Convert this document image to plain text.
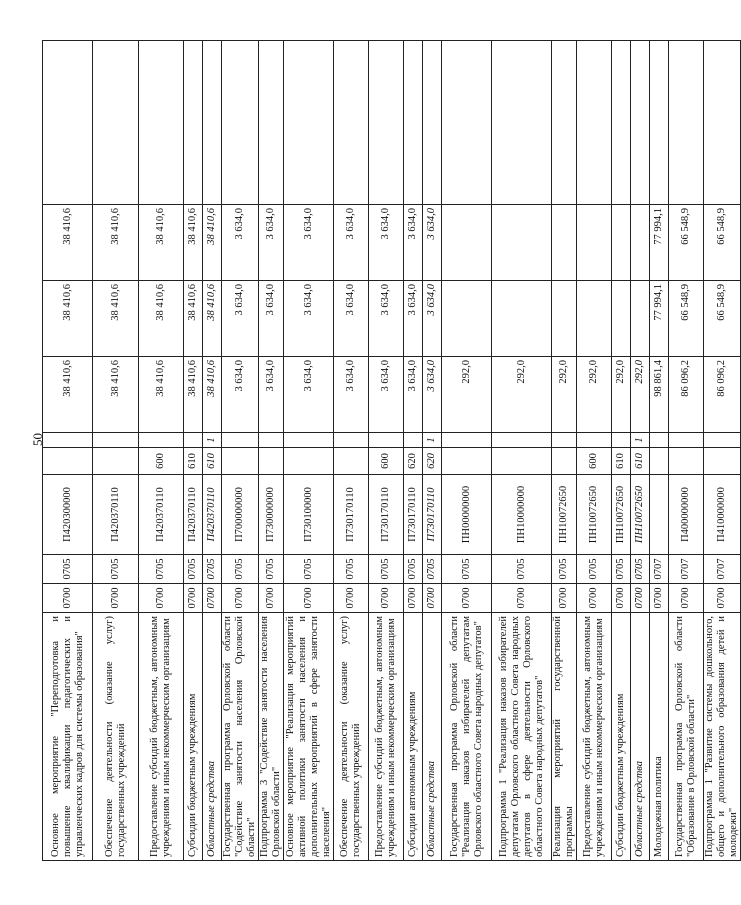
50
Основное мероприятие "Переподготовка и повышение квалификации педагогических и управленческих кадров для системы образования"	0700	0705	П420300000			38 410,6	38 410,6	38 410,6	
Обеспечение деятельности (оказание услуг) государственных учреждений	0700	0705	П420370110			38 410,6	38 410,6	38 410,6	
Предоставление субсидий бюджетным, автономным учреждениям и иным некоммерческим организациям	0700	0705	П420370110	600		38 410,6	38 410,6	38 410,6	
Субсидии бюджетным учреждениям	0700	0705	П420370110	610		38 410,6	38 410,6	38 410,6	
Областные средства	0700	0705	П420370110	610	1	38 410,6	38 410,6	38 410,6	
Государственная программа Орловской области "Содействие занятости населения Орловской области"	0700	0705	П700000000			3 634,0	3 634,0	3 634,0	
Подпрограмма 3 "Содействие занятости населения Орловской области"	0700	0705	П730000000			3 634,0	3 634,0	3 634,0	
Основное мероприятие "Реализация мероприятий активной политики занятости населения и дополнительных мероприятий в сфере занятости населения"	0700	0705	П730100000			3 634,0	3 634,0	3 634,0	
Обеспечение деятельности (оказание услуг) государственных учреждений	0700	0705	П730170110			3 634,0	3 634,0	3 634,0	
Предоставление субсидий бюджетным, автономным учреждениям и иным некоммерческим организациям	0700	0705	П730170110	600		3 634,0	3 634,0	3 634,0	
Субсидии автономным учреждениям	0700	0705	П730170110	620		3 634,0	3 634,0	3 634,0	
Областные средства	0700	0705	П730170110	620	1	3 634,0	3 634,0	3 634,0	
Государственная программа Орловской области "Реализация наказов избирателей депутатам Орловского областного Совета народных депутатов"	0700	0705	ПН00000000			292,0			
Подпрограмма 1 "Реализация наказов избирателей депутатам Орловского областного Совета народных депутатов в сфере деятельности Орловского областного Совета народных депутатов"	0700	0705	ПН10000000			292,0			
Реализация мероприятий государственной программы	0700	0705	ПН10072650			292,0			
Предоставление субсидий бюджетным, автономным учреждениям и иным некоммерческим организациям	0700	0705	ПН10072650	600		292,0			
Субсидии бюджетным учреждениям	0700	0705	ПН10072650	610		292,0			
Областные средства	0700	0705	ПН10072650	610	1	292,0			
Молодежная политика	0700	0707				98 861,4	77 994,1	77 994,1	
Государственная программа Орловской области "Образование в Орловской области"	0700	0707	П400000000			86 096,2	66 548,9	66 548,9	
Подпрограмма 1 "Развитие системы дошкольного, общего и дополнительного образования детей и молодежи"	0700	0707	П410000000			86 096,2	66 548,9	66 548,9	
